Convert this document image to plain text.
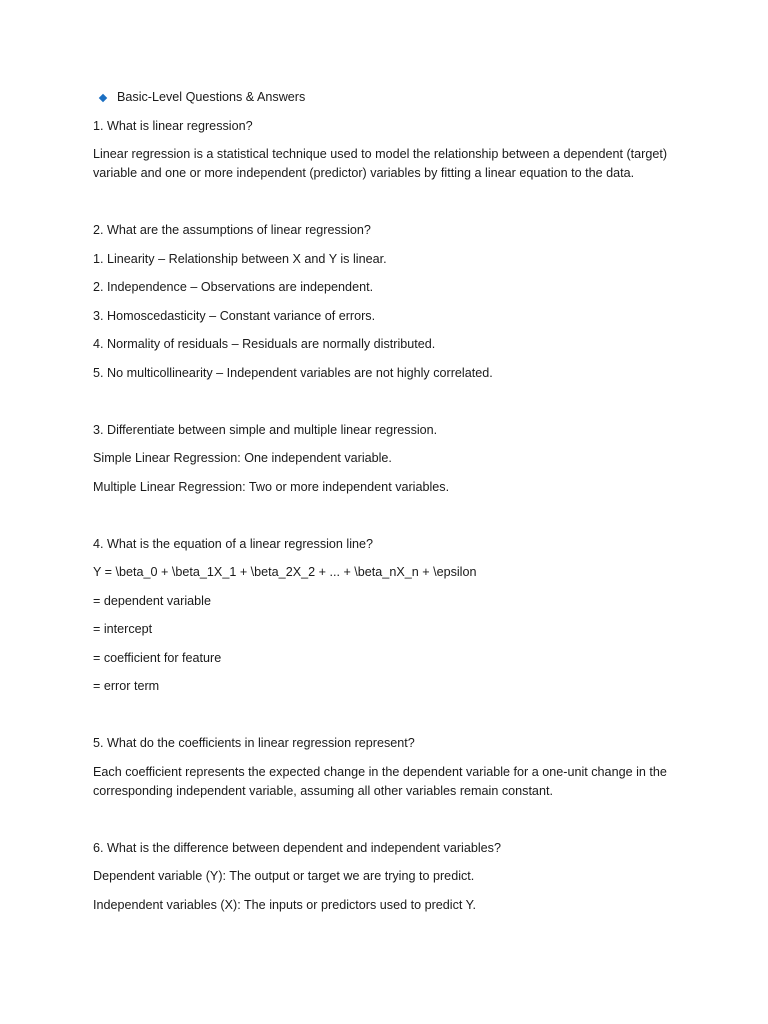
Basic-Level Questions & Answers

1. What is linear regression?

Linear regression is a statistical technique used to model the relationship between a dependent (target) variable and one or more independent (predictor) variables by fitting a linear equation to the data.

2. What are the assumptions of linear regression?

1. Linearity – Relationship between X and Y is linear.

2. Independence – Observations are independent.

3. Homoscedasticity – Constant variance of errors.

4. Normality of residuals – Residuals are normally distributed.

5. No multicollinearity – Independent variables are not highly correlated.

3. Differentiate between simple and multiple linear regression.

Simple Linear Regression: One independent variable.

Multiple Linear Regression: Two or more independent variables.

4. What is the equation of a linear regression line?

Y = \beta_0 + \beta_1X_1 + \beta_2X_2 + ... + \beta_nX_n + \epsilon

= dependent variable

= intercept

= coefficient for feature

= error term

5. What do the coefficients in linear regression represent?

Each coefficient represents the expected change in the dependent variable for a one-unit change in the corresponding independent variable, assuming all other variables remain constant.

6. What is the difference between dependent and independent variables?

Dependent variable (Y): The output or target we are trying to predict.

Independent variables (X): The inputs or predictors used to predict Y.
